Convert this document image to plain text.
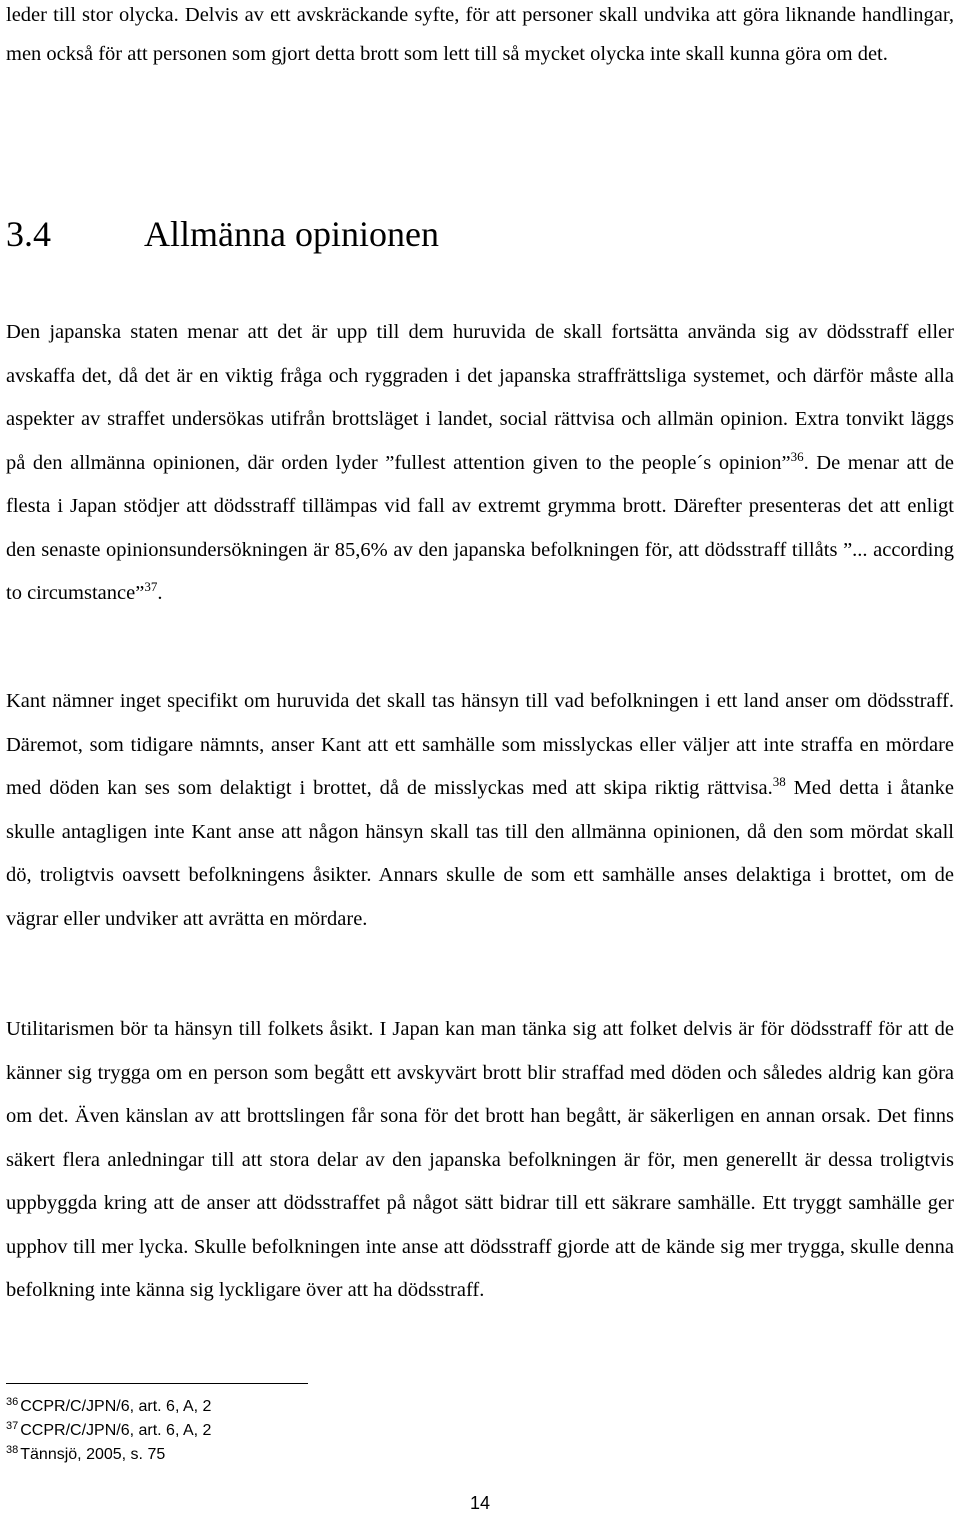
leder till stor olycka. Delvis av ett avskräckande syfte, för att personer skall undvika att göra liknande handlingar, men också för att personen som gjort detta brott som lett till så mycket olycka inte skall kunna göra om det.

3.4	Allmänna opinionen

Den japanska staten menar att det är upp till dem huruvida de skall fortsätta använda sig av dödsstraff eller avskaffa det, då det är en viktig fråga och ryggraden i det japanska straffrättsliga systemet, och därför måste alla aspekter av straffet undersökas utifrån brottsläget i landet, social rättvisa och allmän opinion. Extra tonvikt läggs på den allmänna opinionen, där orden lyder ”fullest attention given to the people´s opinion”$^{36}$. De menar att de flesta i Japan stödjer att dödsstraff tillämpas vid fall av extremt grymma brott. Därefter presenteras det att enligt den senaste opinionsundersökningen är 85,6% av den japanska befolkningen för, att dödsstraff tillåts ”... according to circumstance”$^{37}$.

Kant nämner inget specifikt om huruvida det skall tas hänsyn till vad befolkningen i ett land anser om dödsstraff. Däremot, som tidigare nämnts, anser Kant att ett samhälle som misslyckas eller väljer att inte straffa en mördare med döden kan ses som delaktigt i brottet, då de misslyckas med att skipa riktig rättvisa.$^{38}$ Med detta i åtanke skulle antagligen inte Kant anse att någon hänsyn skall tas till den allmänna opinionen, då den som mördat skall dö, troligtvis oavsett befolkningens åsikter. Annars skulle de som ett samhälle anses delaktiga i brottet, om de vägrar eller undviker att avrätta en mördare.

Utilitarismen bör ta hänsyn till folkets åsikt. I Japan kan man tänka sig att folket delvis är för dödsstraff för att de känner sig trygga om en person som begått ett avskyvärt brott blir straffad med döden och således aldrig kan göra om det. Även känslan av att brottslingen får sona för det brott han begått, är säkerligen en annan orsak. Det finns säkert flera anledningar till att stora delar av den japanska befolkningen är för, men generellt är dessa troligtvis uppbyggda kring att de anser att dödsstraffet på något sätt bidrar till ett säkrare samhälle. Ett tryggt samhälle ger upphov till mer lycka. Skulle befolkningen inte anse att dödsstraff gjorde att de kände sig mer trygga, skulle denna befolkning inte känna sig lyckligare över att ha dödsstraff.

$^{36}$ CCPR/C/JPN/6, art. 6, A, 2
$^{37}$ CCPR/C/JPN/6, art. 6, A, 2
$^{38}$ Tännsjö, 2005, s. 75
14
